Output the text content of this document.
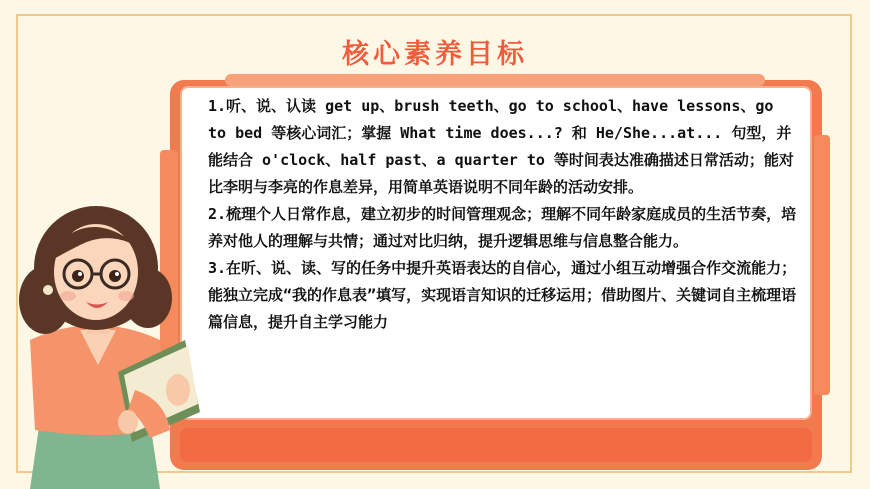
核心素养目标

1.听、说、认读 get up、brush teeth、go to school、have lessons、go to bed 等核心词汇；掌握 What time does...? 和 He/She...at... 句型，并能结合 o'clock、half past、a quarter to 等时间表达准确描述日常活动；能对比李明与李亮的作息差异，用简单英语说明不同年龄的活动安排。

2.梳理个人日常作息，建立初步的时间管理观念；理解不同年龄家庭成员的生活节奏，培养对他人的理解与共情；通过对比归纳，提升逻辑思维与信息整合能力。

3.在听、说、读、写的任务中提升英语表达的自信心，通过小组互动增强合作交流能力；能独立完成“我的作息表”填写，实现语言知识的迁移运用；借助图片、关键词自主梳理语篇信息，提升自主学习能力
